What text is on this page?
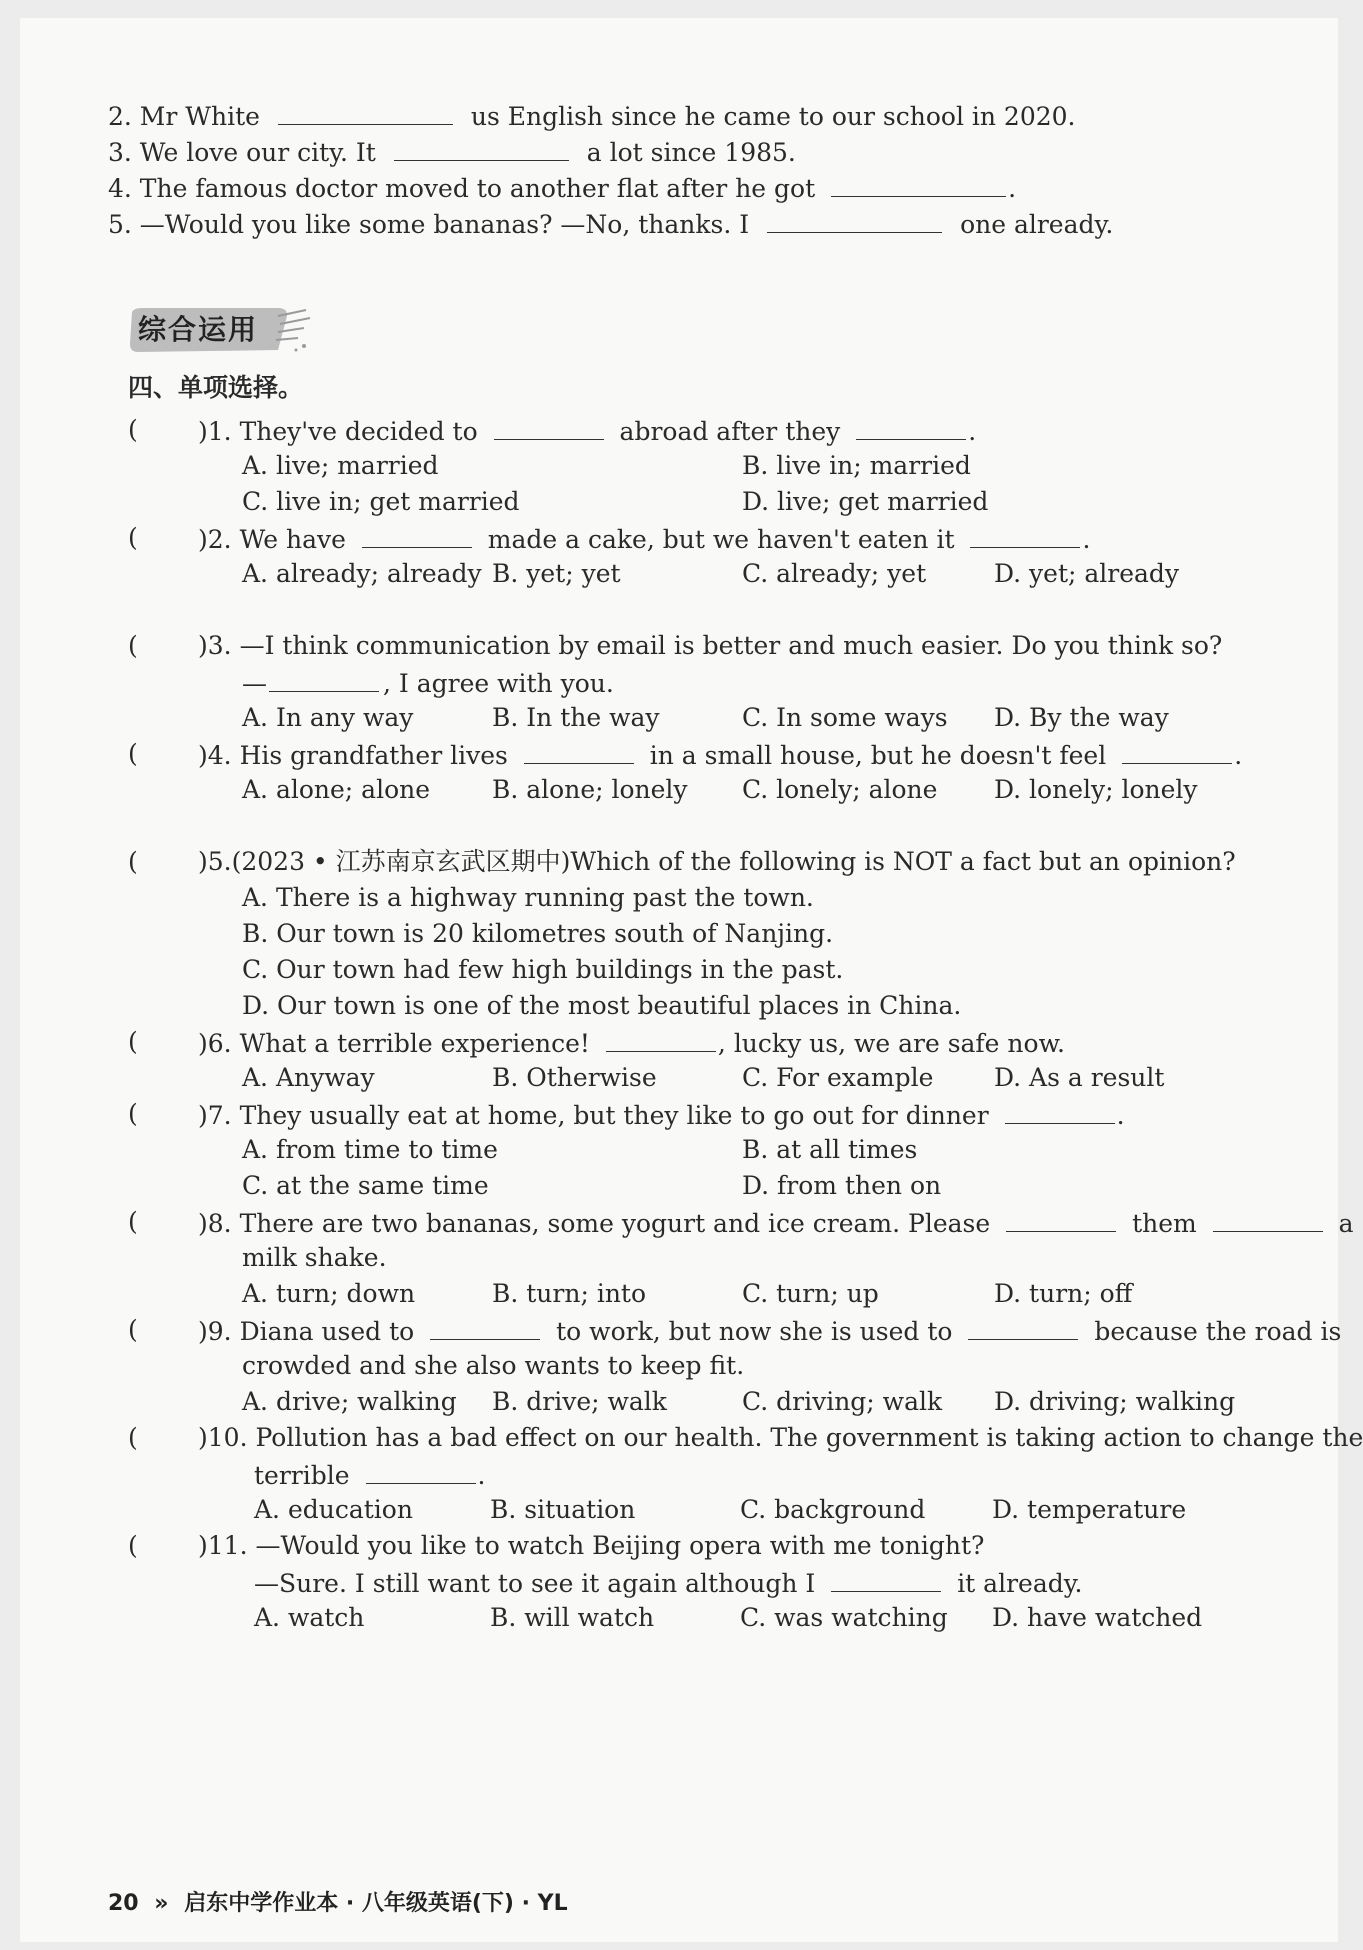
2. Mr White	us English since he came to our school in 2020.
3. We love our city. It	a lot since 1985.
4. The famous doctor moved to another flat after he got	.
5. —Would you like some bananas? —No, thanks. I	one already.
综合运用
四、单项选择。
( )1. They've decided to	abroad after they	.
A. live; married	B. live in; married
C. live in; get married	D. live; get married
( )2. We have	made a cake, but we haven't eaten it	.
A. already; already B. yet; yet	C. already; yet	D. yet; already
( )3. —I think communication by email is better and much easier. Do you think so?
—	, I agree with you.
A. In any way	B. In the way	C. In some ways D. By the way
( )4. His grandfather lives	in a small house, but he doesn't feel	.
A. alone; alone B. alone; lonely C. lonely; alone D. lonely; lonely
( )5.(2023 • 江苏南京玄武区期中)Which of the following is NOT a fact but an opinion?
A. There is a highway running past the town.
B. Our town is 20 kilometres south of Nanjing.
C. Our town had few high buildings in the past.
D. Our town is one of the most beautiful places in China.
( )6. What a terrible experience!	, lucky us, we are safe now.
A. Anyway	B. Otherwise	C. For example D. As a result
( )7. They usually eat at home, but they like to go out for dinner	.
A. from time to time	B. at all times
C. at the same time	D. from then on
( )8. There are two bananas, some yogurt and ice cream. Please	them	a
milk shake.
A. turn; down	B. turn; into	C. turn; up	D. turn; off
( )9. Diana used to	to work, but now she is used to	because the road is
crowded and she also wants to keep fit.
A. drive; walking B. drive; walk	C. driving; walk D. driving; walking
( )10. Pollution has a bad effect on our health. The government is taking action to change the
terrible	.
A. education	B. situation	C. background	D. temperature
( )11. —Would you like to watch Beijing opera with me tonight?
—Sure. I still want to see it again although I	it already.
A. watch	B. will watch	C. was watching D. have watched
20 » 启东中学作业本 · 八年级英语(下) · YL
